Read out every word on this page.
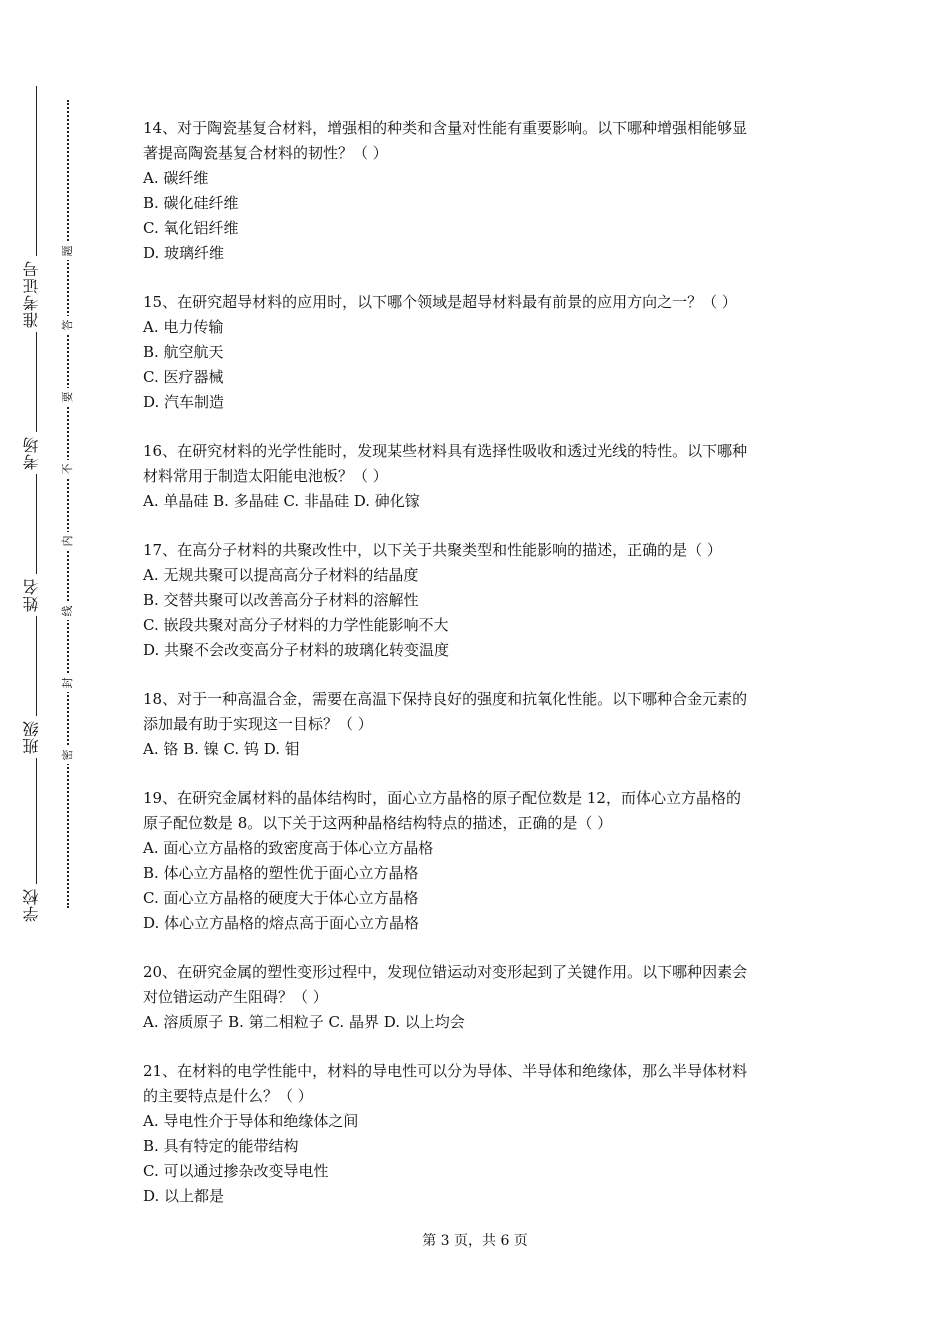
准考证号
考场
姓名
班级
学校
题
答
要
不
内
线
封
密

14、对于陶瓷基复合材料，增强相的种类和含量对性能有重要影响。以下哪种增强相能够显

著提高陶瓷基复合材料的韧性？（ ）

A. 碳纤维

B. 碳化硅纤维

C. 氧化铝纤维

D. 玻璃纤维

15、在研究超导材料的应用时，以下哪个领域是超导材料最有前景的应用方向之一？（ ）

A. 电力传输

B. 航空航天

C. 医疗器械

D. 汽车制造

16、在研究材料的光学性能时，发现某些材料具有选择性吸收和透过光线的特性。以下哪种

材料常用于制造太阳能电池板？（ ）

A. 单晶硅 B. 多晶硅 C. 非晶硅 D. 砷化镓

17、在高分子材料的共聚改性中，以下关于共聚类型和性能影响的描述，正确的是（ ）

A. 无规共聚可以提高高分子材料的结晶度

B. 交替共聚可以改善高分子材料的溶解性

C. 嵌段共聚对高分子材料的力学性能影响不大

D. 共聚不会改变高分子材料的玻璃化转变温度

18、对于一种高温合金，需要在高温下保持良好的强度和抗氧化性能。以下哪种合金元素的

添加最有助于实现这一目标？（ ）

A. 铬 B. 镍 C. 钨 D. 钼

19、在研究金属材料的晶体结构时，面心立方晶格的原子配位数是 12，而体心立方晶格的

原子配位数是 8。以下关于这两种晶格结构特点的描述，正确的是（ ）

A. 面心立方晶格的致密度高于体心立方晶格

B. 体心立方晶格的塑性优于面心立方晶格

C. 面心立方晶格的硬度大于体心立方晶格

D. 体心立方晶格的熔点高于面心立方晶格

20、在研究金属的塑性变形过程中，发现位错运动对变形起到了关键作用。以下哪种因素会

对位错运动产生阻碍？（ ）

A. 溶质原子 B. 第二相粒子 C. 晶界 D. 以上均会

21、在材料的电学性能中，材料的导电性可以分为导体、半导体和绝缘体，那么半导体材料

的主要特点是什么？（ ）

A. 导电性介于导体和绝缘体之间

B. 具有特定的能带结构

C. 可以通过掺杂改变导电性

D. 以上都是

第 3 页，共 6 页
